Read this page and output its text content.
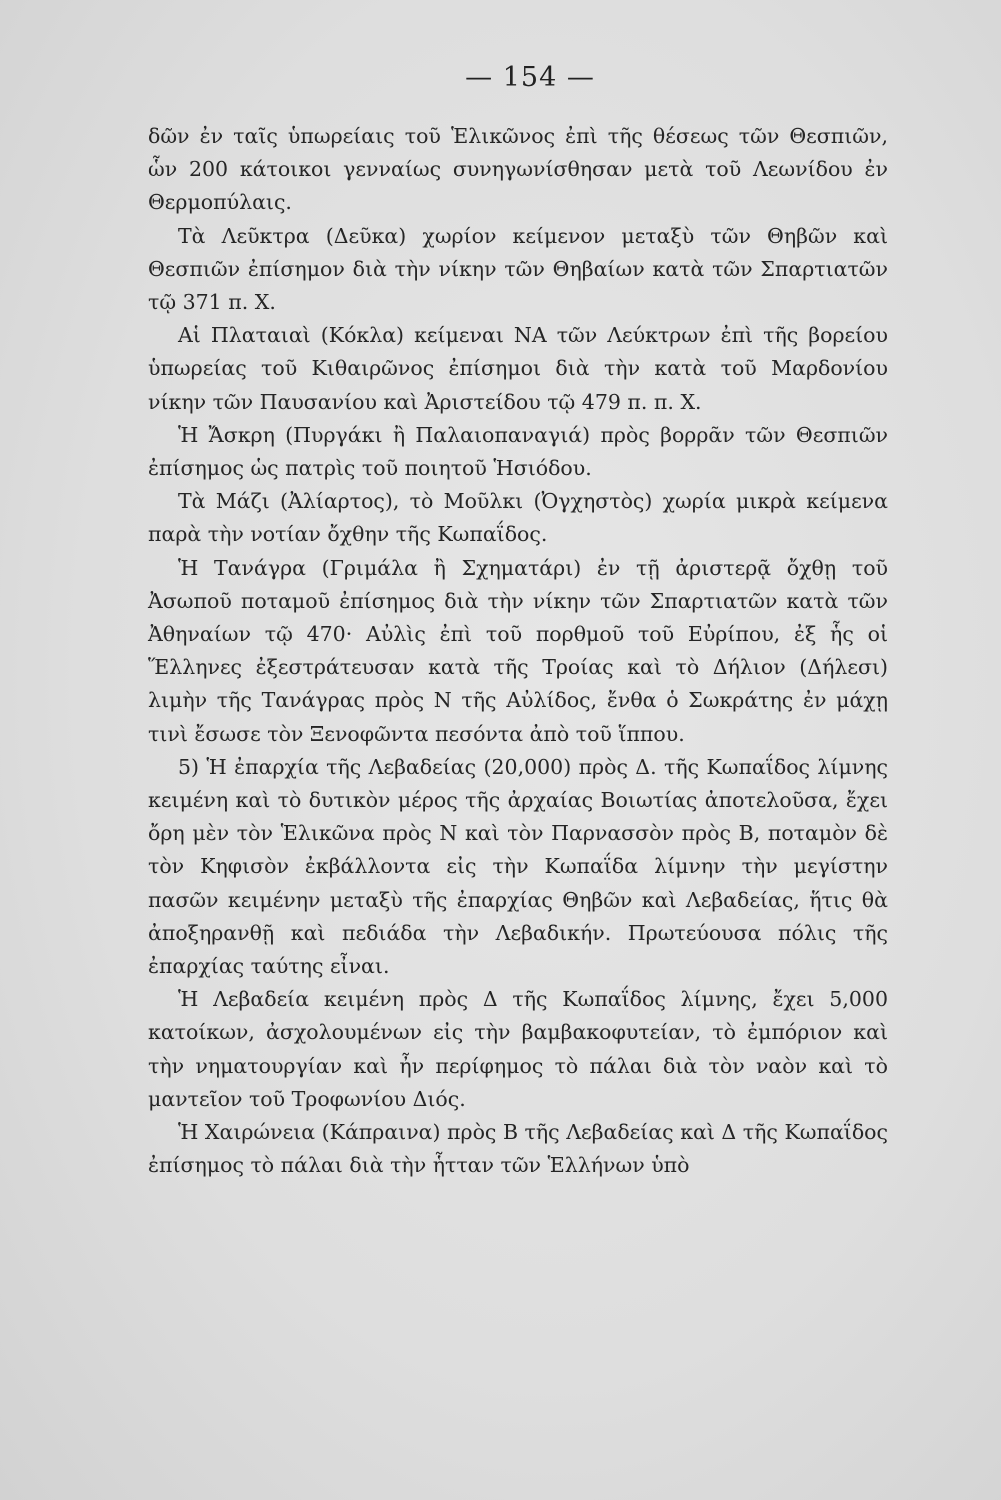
— 154 —

δῶν ἐν ταῖς ὑπωρείαις τοῦ Ἑλικῶνος ἐπὶ τῆς θέσεως τῶν Θεσπιῶν, ὧν 200 κάτοικοι γενναίως συνηγωνίσθησαν μετὰ τοῦ Λεωνίδου ἐν Θερμοπύλαις.

Τὰ Λεῦκτρα (Δεῦκα) χωρίον κείμενον μεταξὺ τῶν Θηβῶν καὶ Θεσπιῶν ἐπίσημον διὰ τὴν νίκην τῶν Θηβαίων κατὰ τῶν Σπαρτιατῶν τῷ 371 π. Χ.

Αἱ Πλαταιαὶ (Κόκλα) κείμεναι ΝΑ τῶν Λεύκτρων ἐπὶ τῆς βορείου ὑπωρείας τοῦ Κιθαιρῶνος ἐπίσημοι διὰ τὴν κατὰ τοῦ Μαρδονίου νίκην τῶν Παυσανίου καὶ Ἀριστείδου τῷ 479 π. π. Χ.

Ἡ Ἄσκρη (Πυργάκι ἢ Παλαιοπαναγιά) πρὸς βορρᾶν τῶν Θεσπιῶν ἐπίσημος ὡς πατρὶς τοῦ ποιητοῦ Ἡσιόδου.

Τὰ Μάζι (Ἀλίαρτος), τὸ Μοῦλκι (Ὀγχηστὸς) χωρία μικρὰ κείμενα παρὰ τὴν νοτίαν ὄχθην τῆς Κωπαΐδος.

Ἡ Τανάγρα (Γριμάλα ἢ Σχηματάρι) ἐν τῇ ἀριστερᾷ ὄχθῃ τοῦ Ἀσωποῦ ποταμοῦ ἐπίσημος διὰ τὴν νίκην τῶν Σπαρτιατῶν κατὰ τῶν Ἀθηναίων τῷ 470· Αὐλὶς ἐπὶ τοῦ πορθμοῦ τοῦ Εὐρίπου, ἐξ ἧς οἱ Ἕλληνες ἐξεστράτευσαν κατὰ τῆς Τροίας καὶ τὸ Δήλιον (Δήλεσι) λιμὴν τῆς Τανάγρας πρὸς Ν τῆς Αὐλίδος, ἔνθα ὁ Σωκράτης ἐν μάχῃ τινὶ ἔσωσε τὸν Ξενοφῶντα πεσόντα ἀπὸ τοῦ ἵππου.

5) Ἡ ἐπαρχία τῆς Λεβαδείας (20,000) πρὸς Δ. τῆς Κωπαΐδος λίμνης κειμένη καὶ τὸ δυτικὸν μέρος τῆς ἀρχαίας Βοιωτίας ἀποτελοῦσα, ἔχει ὄρη μὲν τὸν Ἑλικῶνα πρὸς Ν καὶ τὸν Παρνασσὸν πρὸς Β, ποταμὸν δὲ τὸν Κηφισὸν ἐκβάλλοντα εἰς τὴν Κωπαΐδα λίμνην τὴν μεγίστην πασῶν κειμένην μεταξὺ τῆς ἐπαρχίας Θηβῶν καὶ Λεβαδείας, ἥτις θὰ ἀποξηρανθῇ καὶ πεδιάδα τὴν Λεβαδικήν. Πρωτεύουσα πόλις τῆς ἐπαρχίας ταύτης εἶναι.

Ἡ Λεβαδεία κειμένη πρὸς Δ τῆς Κωπαΐδος λίμνης, ἔχει 5,000 κατοίκων, ἀσχολουμένων εἰς τὴν βαμβακοφυτείαν, τὸ ἐμπόριον καὶ τὴν νηματουργίαν καὶ ἦν περίφημος τὸ πάλαι διὰ τὸν ναὸν καὶ τὸ μαντεῖον τοῦ Τροφωνίου Διός.

Ἡ Χαιρώνεια (Κάπραινα) πρὸς Β τῆς Λεβαδείας καὶ Δ τῆς Κωπαΐδος ἐπίσημος τὸ πάλαι διὰ τὴν ἧτταν τῶν Ἑλλήνων ὑπὸ
